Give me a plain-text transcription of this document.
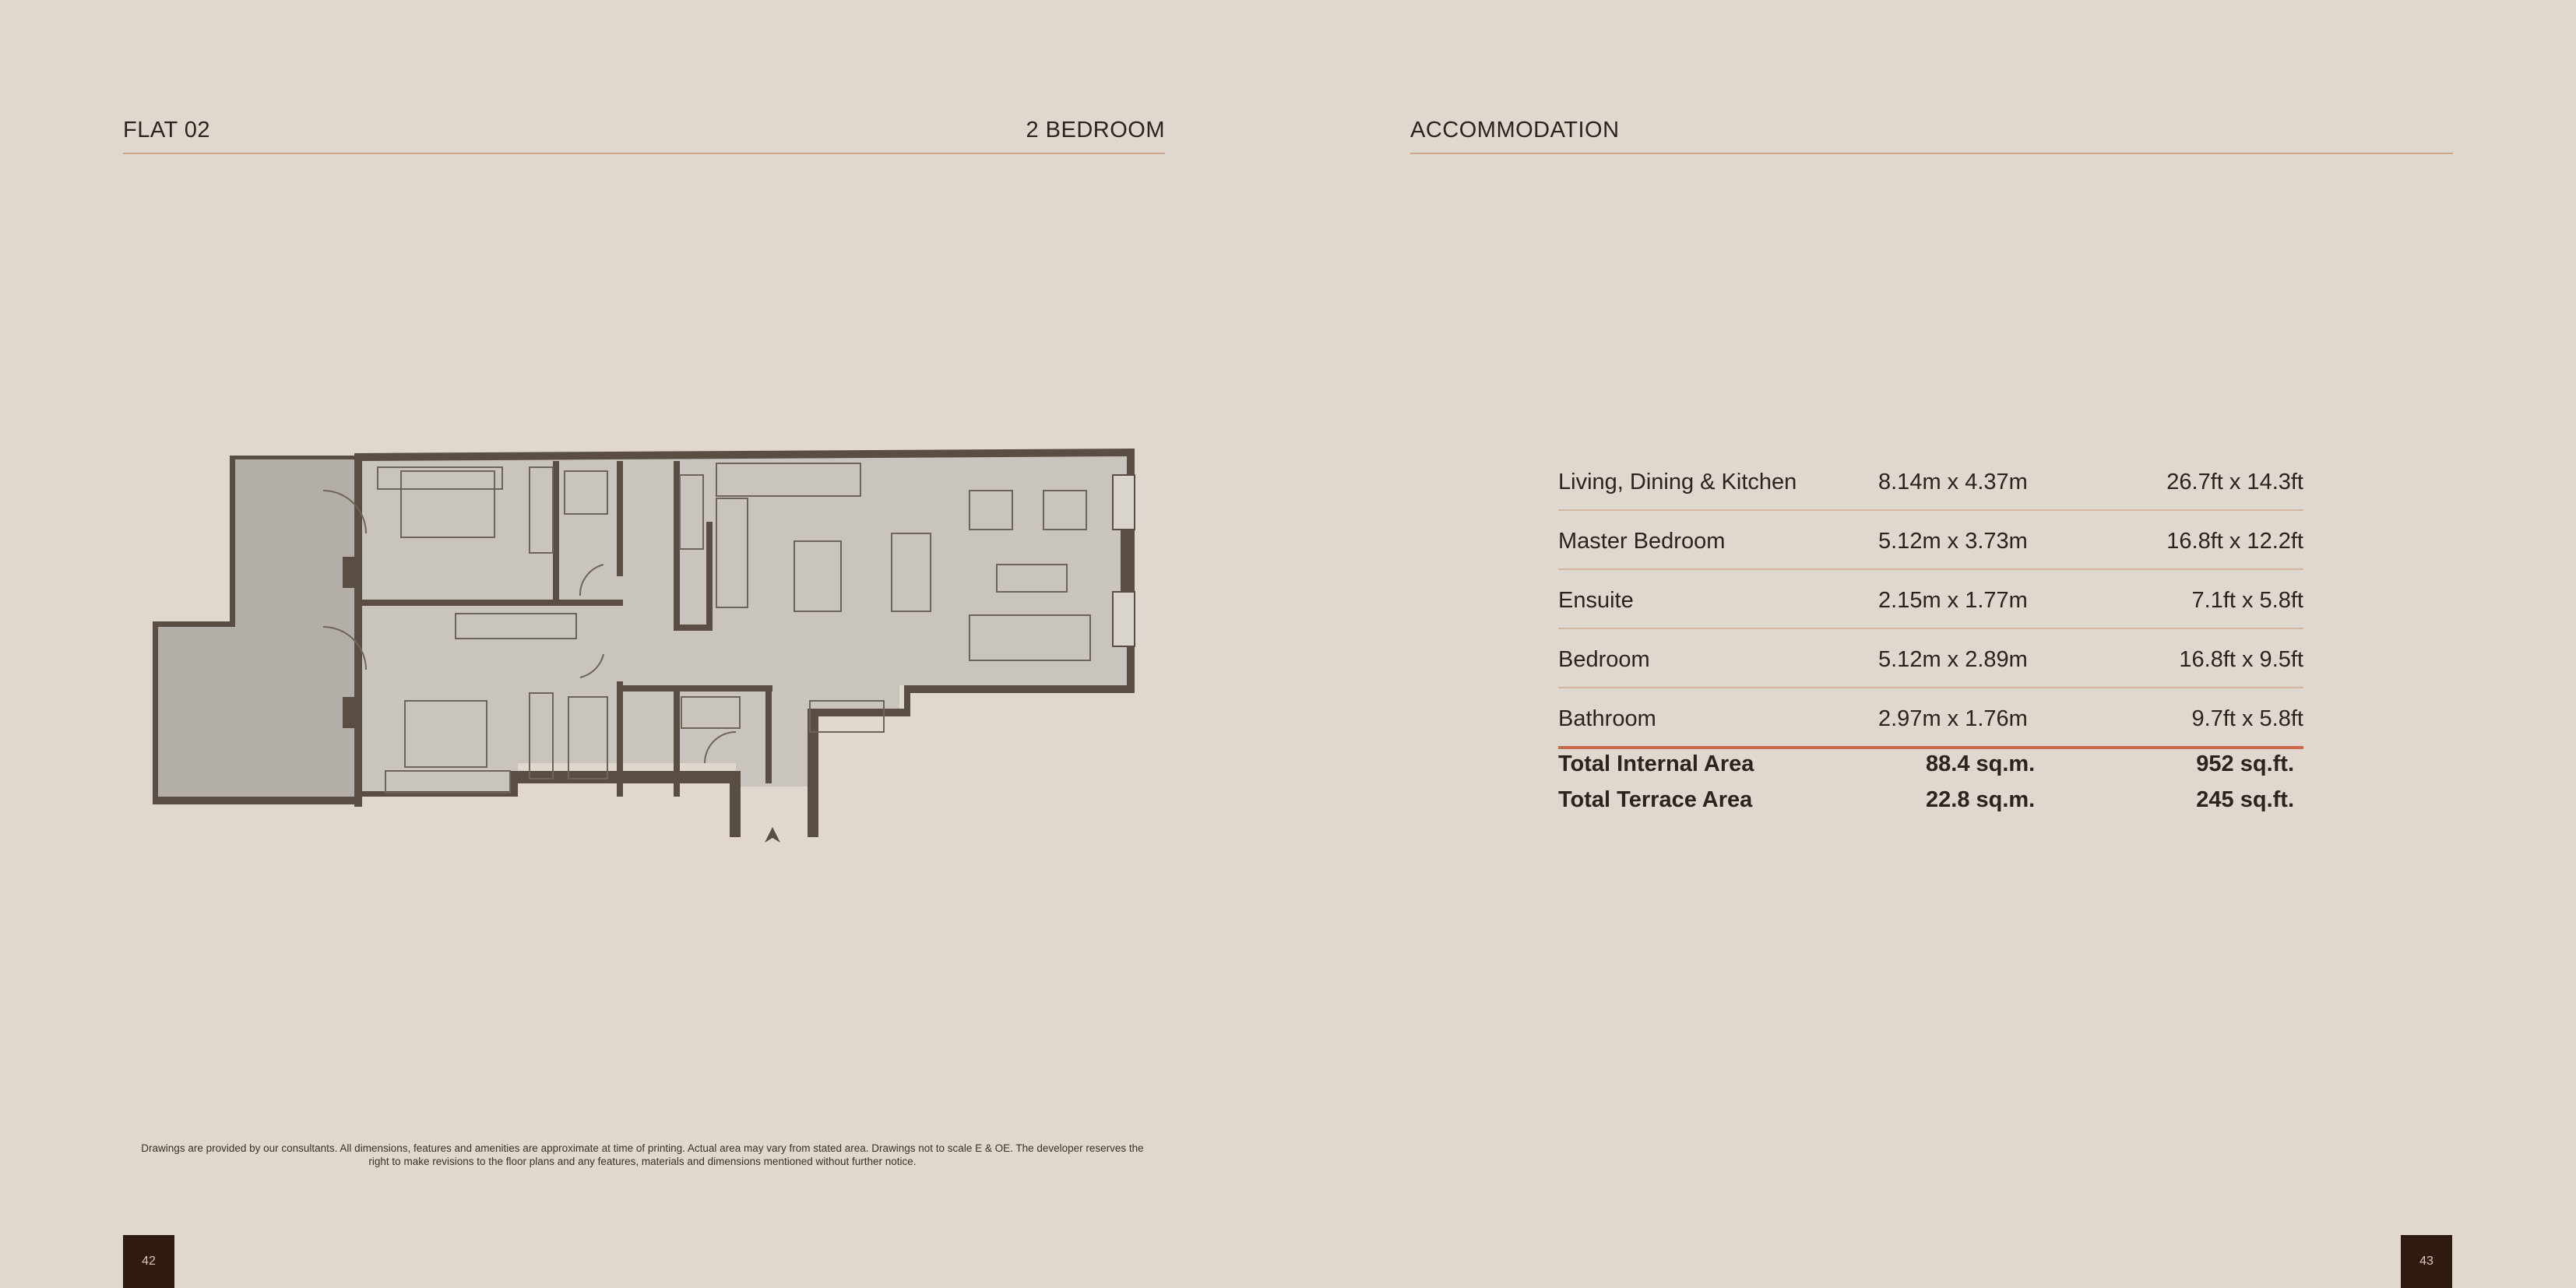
FLAT 02	2 BEDROOM	ACCOMMODATION
Drawings are provided by our consultants. All dimensions, features and amenities are approximate at time of printing. Actual area may vary from stated area. Drawings not to scale E & OE. The developer reserves the right to make revisions to the floor plans and any features, materials and dimensions mentioned without further notice.
42	43
Living, Dining & Kitchen	8.14m x 4.37m	26.7ft x 14.3ft
Master Bedroom	5.12m x 3.73m	16.8ft x 12.2ft
Ensuite	2.15m x 1.77m	7.1ft x 5.8ft
Bedroom	5.12m x 2.89m	16.8ft x 9.5ft
Bathroom	2.97m x 1.76m	9.7ft x 5.8ft
Total Internal Area	88.4 sq.m.	952 sq.ft.
Total Terrace Area	22.8 sq.m.	245 sq.ft.
